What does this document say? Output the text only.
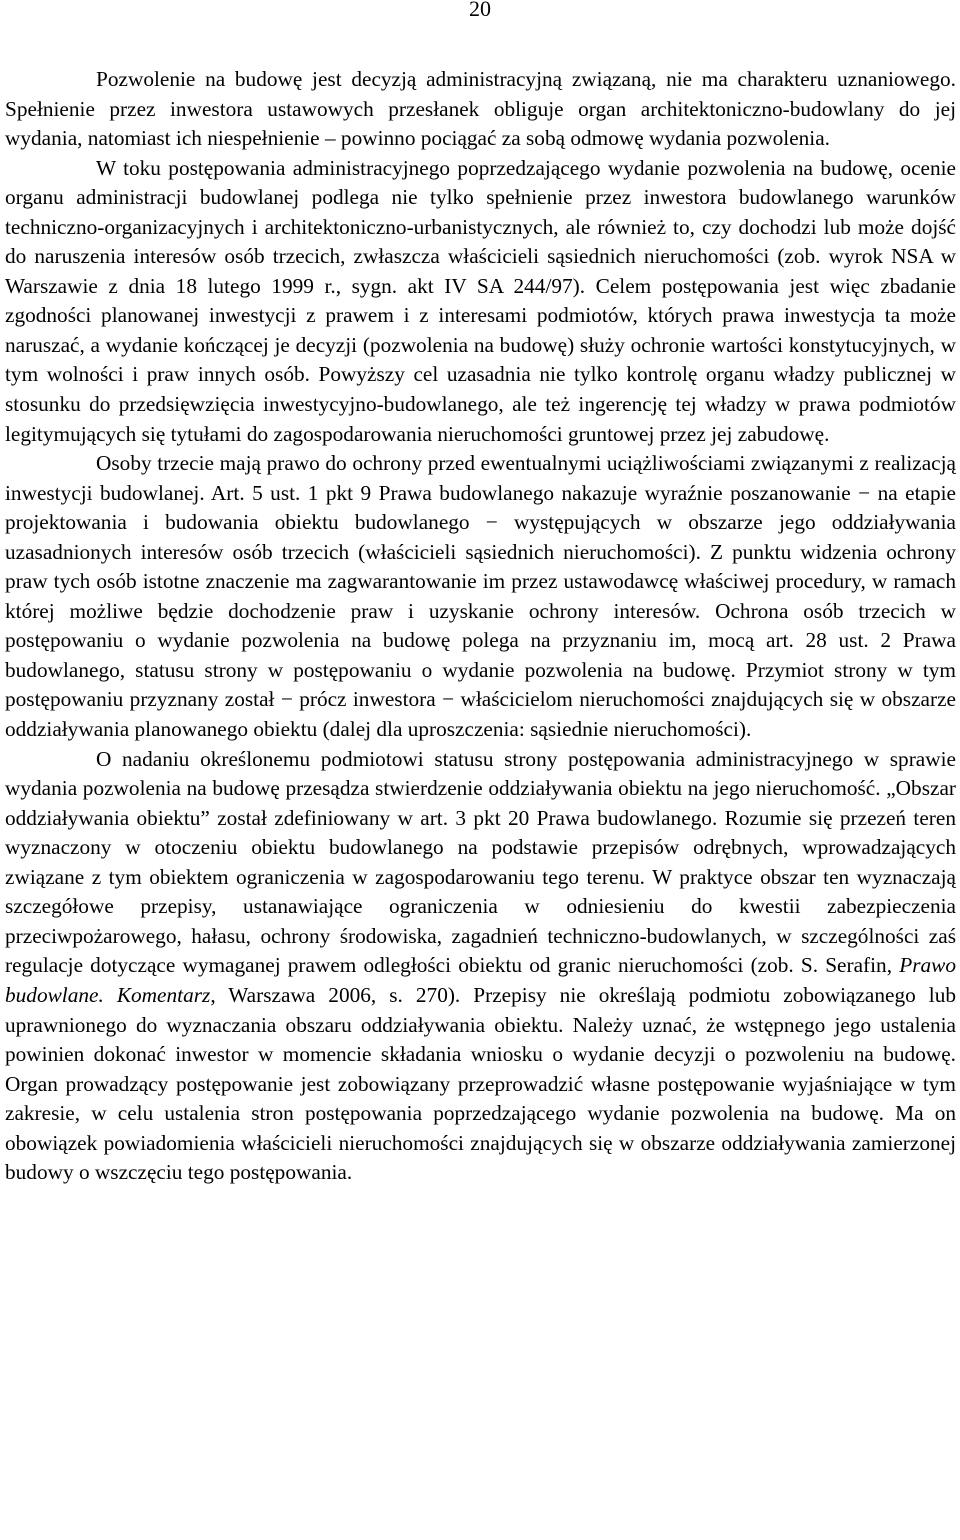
20

Pozwolenie na budowę jest decyzją administracyjną związaną, nie ma charakteru uznaniowego. Spełnienie przez inwestora ustawowych przesłanek obliguje organ architektoniczno-budowlany do jej wydania, natomiast ich niespełnienie – powinno pociągać za sobą odmowę wydania pozwolenia.

W toku postępowania administracyjnego poprzedzającego wydanie pozwolenia na budowę, ocenie organu administracji budowlanej podlega nie tylko spełnienie przez inwestora budowlanego warunków techniczno-organizacyjnych i architektoniczno-urbanistycznych, ale również to, czy dochodzi lub może dojść do naruszenia interesów osób trzecich, zwłaszcza właścicieli sąsiednich nieruchomości (zob. wyrok NSA w Warszawie z dnia 18 lutego 1999 r., sygn. akt IV SA 244/97). Celem postępowania jest więc zbadanie zgodności planowanej inwestycji z prawem i z interesami podmiotów, których prawa inwestycja ta może naruszać, a wydanie kończącej je decyzji (pozwolenia na budowę) służy ochronie wartości konstytucyjnych, w tym wolności i praw innych osób. Powyższy cel uzasadnia nie tylko kontrolę organu władzy publicznej w stosunku do przedsięwzięcia inwestycyjno-budowlanego, ale też ingerencję tej władzy w prawa podmiotów legitymujących się tytułami do zagospodarowania nieruchomości gruntowej przez jej zabudowę.

Osoby trzecie mają prawo do ochrony przed ewentualnymi uciążliwościami związanymi z realizacją inwestycji budowlanej. Art. 5 ust. 1 pkt 9 Prawa budowlanego nakazuje wyraźnie poszanowanie − na etapie projektowania i budowania obiektu budowlanego − występujących w obszarze jego oddziaływania uzasadnionych interesów osób trzecich (właścicieli sąsiednich nieruchomości). Z punktu widzenia ochrony praw tych osób istotne znaczenie ma zagwarantowanie im przez ustawodawcę właściwej procedury, w ramach której możliwe będzie dochodzenie praw i uzyskanie ochrony interesów. Ochrona osób trzecich w postępowaniu o wydanie pozwolenia na budowę polega na przyznaniu im, mocą art. 28 ust. 2 Prawa budowlanego, statusu strony w postępowaniu o wydanie pozwolenia na budowę. Przymiot strony w tym postępowaniu przyznany został − prócz inwestora − właścicielom nieruchomości znajdujących się w obszarze oddziaływania planowanego obiektu (dalej dla uproszczenia: sąsiednie nieruchomości).

O nadaniu określonemu podmiotowi statusu strony postępowania administracyjnego w sprawie wydania pozwolenia na budowę przesądza stwierdzenie oddziaływania obiektu na jego nieruchomość. „Obszar oddziaływania obiektu” został zdefiniowany w art. 3 pkt 20 Prawa budowlanego. Rozumie się przezeń teren wyznaczony w otoczeniu obiektu budowlanego na podstawie przepisów odrębnych, wprowadzających związane z tym obiektem ograniczenia w zagospodarowaniu tego terenu. W praktyce obszar ten wyznaczają szczegółowe przepisy, ustanawiające ograniczenia w odniesieniu do kwestii zabezpieczenia przeciwpożarowego, hałasu, ochrony środowiska, zagadnień techniczno-budowlanych, w szczególności zaś regulacje dotyczące wymaganej prawem odległości obiektu od granic nieruchomości (zob. S. Serafin, Prawo budowlane. Komentarz, Warszawa 2006, s. 270). Przepisy nie określają podmiotu zobowiązanego lub uprawnionego do wyznaczania obszaru oddziaływania obiektu. Należy uznać, że wstępnego jego ustalenia powinien dokonać inwestor w momencie składania wniosku o wydanie decyzji o pozwoleniu na budowę. Organ prowadzący postępowanie jest zobowiązany przeprowadzić własne postępowanie wyjaśniające w tym zakresie, w celu ustalenia stron postępowania poprzedzającego wydanie pozwolenia na budowę. Ma on obowiązek powiadomienia właścicieli nieruchomości znajdujących się w obszarze oddziaływania zamierzonej budowy o wszczęciu tego postępowania.
